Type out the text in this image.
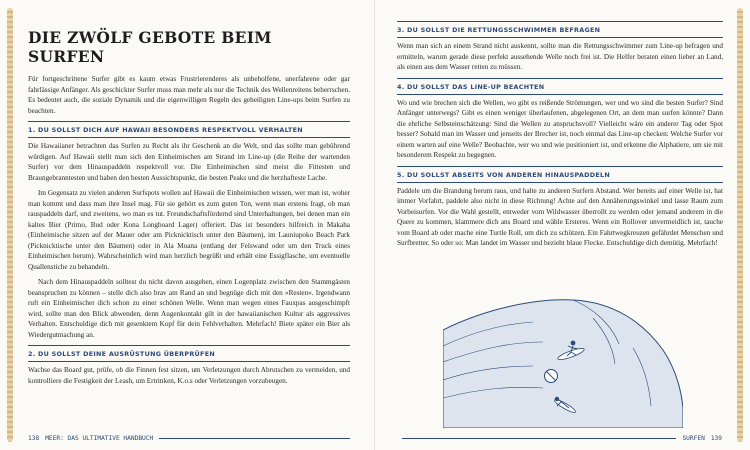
DIE ZWÖLF GEBOTE BEIM SURFEN

Für fortgeschrittene Surfer gibt es kaum etwas Frustrierenderes als unbeholfene, unerfahrene oder gar fahrlässige Anfänger. Als geschickter Surfer muss man mehr als nur die Technik des Wellenreitens beherrschen. Es bedeutet auch, die soziale Dynamik und die eigenwilligen Regeln des geheiligten Line-ups beim Surfen zu beachten.

1. DU SOLLST DICH AUF HAWAII BESONDERS RESPEKTVOLL VERHALTEN

Die Hawaiianer betrachten das Surfen zu Recht als ihr Geschenk an die Welt, und das sollte man gebührend würdigen. Auf Hawaii stellt man sich den Einheimischen am Strand im Line-up (die Reihe der wartenden Surfer) vor dem Hinauspaddeln respektvoll vor. Die Einheimischen sind meist die Fittesten und Braungebranntesten und haben den besten Aussichtspunkt, die besten Peaks und die herzhafteste Lache.

Im Gegensatz zu vielen anderen Surfspots wollen auf Hawaii die Einheimischen wissen, wer man ist, woher man kommt und dass man ihre Insel mag. Für sie gehört es zum guten Ton, wenn man erstens fragt, ob man rauspaddeln darf, und zweitens, wo man es tut. Freundschaftsfördernd sind Unterhaltungen, bei denen man ein kaltes Bier (Primo, Bud oder Kona Longboard Lager) offeriert. Das ist besonders hilfreich in Makaha (Einheimische sitzen auf der Mauer oder am Picknicktisch unter den Bäumen), im Launiupoko Beach Park (Picknicktische unter den Bäumen) oder in Ala Moana (entlang der Felswand oder um den Truck eines Einheimischen herum). Wahrscheinlich wird man herzlich begrüßt und erhält eine Essigflasche, um eventuelle Quallenstiche zu behandeln.

Nach dem Hinauspaddeln solltest du nicht davon ausgehen, einen Logenplatz zwischen den Stammgästen beanspruchen zu können – stelle dich also brav am Rand an und begnüge dich mit den »Resten«. Irgendwann ruft ein Einheimischer dich schon zu einer schönen Welle. Wenn man wegen eines Fauxpas ausgeschimpft wird, sollte man den Blick abwenden, denn Augenkontakt gilt in der hawaiianischen Kultur als aggressives Verhalten. Entschuldige dich mit gesenktem Kopf für dein Fehlverhalten. Mehrfach! Biete später ein Bier als Wiedergutmachung an.

2. DU SOLLST DEINE AUSRÜSTUNG ÜBERPRÜFEN

Wachse das Board gut, prüfe, ob die Finnen fest sitzen, um Verletzungen durch Abrutschen zu vermeiden, und kontrolliere die Festigkeit der Leash, um Ertrinken, K.o.s oder Verletzungen vorzubeugen.

138 MEER: DAS ULTIMATIVE HANDBUCH
3. DU SOLLST DIE RETTUNGSSCHWIMMER BEFRAGEN

Wenn man sich an einem Strand nicht auskennt, sollte man die Rettungsschwimmer zum Line-up befragen und ermitteln, warum gerade diese perfekt aussehende Welle noch frei ist. Die Helfer beraten einen lieber an Land, als einen aus dem Wasser retten zu müssen.

4. DU SOLLST DAS LINE-UP BEACHTEN

Wo und wie brechen sich die Wellen, wo gibt es reißende Strömungen, wer und wo sind die besten Surfer? Sind Anfänger unterwegs? Gibt es einen weniger überlaufenen, abgelegenen Ort, an dem man surfen könnte? Dann die ehrliche Selbsteinschätzung: Sind die Wellen zu anspruchsvoll? Vielleicht wäre ein anderer Tag oder Spot besser? Sobald man im Wasser und jenseits der Brecher ist, noch einmal das Line-up checken: Welche Surfer vor einem warten auf eine Welle? Beobachte, wer wo und wie positioniert ist, und erkenne die Alphatiere, um sie mit besonderem Respekt zu begegnen.

5. DU SOLLST ABSEITS VON ANDEREN HINAUSPADDELN

Paddele um die Brandung herum raus, und halte zu anderen Surfern Abstand. Wer bereits auf einer Welle ist, hat immer Vorfahrt, paddele also nicht in diese Richtung! Achte auf den Annäherungswinkel und lasse Raum zum Vorbeisurfen. Vor die Wahl gestellt, entweder vom Wildwasser überrollt zu werden oder jemand anderem in die Quere zu kommen, klammere dich ans Board und wähle Ersteres. Wenn ein Rollover unvermeidlich ist, tauche vom Board ab oder mache eine Turtle Roll, um dich zu schützen. Ein Fahrtwegkreuzen gefährdet Menschen und Surfbretter. So oder so: Man landet im Wasser und bezieht blaue Flecke. Entschuldige dich demütig. Mehrfach!

SURFEN 139
